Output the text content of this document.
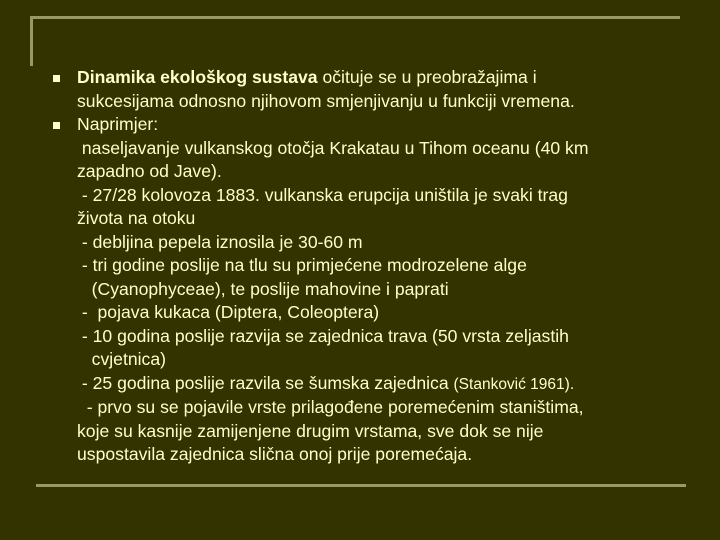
Dinamika ekološkog sustava očituje se u preobražajima i
sukcesijama odnosno njihovom smjenjivanju u funkciji vremena.
Naprimjer:
naseljavanje vulkanskog otočja Krakatau u Tihom oceanu (40 km
zapadno od Jave).
- 27/28 kolovoza 1883. vulkanska erupcija uništila je svaki trag
života na otoku
- debljina pepela iznosila je 30-60 m
- tri godine poslije na tlu su primjećene modrozelene alge
(Cyanophyceae), te poslije mahovine i paprati
-  pojava kukaca (Diptera, Coleoptera)
- 10 godina poslije razvija se zajednica trava (50 vrsta zeljastih
cvjetnica)
- 25 godina poslije razvila se šumska zajednica (Stanković 1961).
- prvo su se pojavile vrste prilagođene poremećenim staništima,
koje su kasnije zamijenjene drugim vrstama, sve dok se nije
uspostavila zajednica slična onoj prije poremećaja.
